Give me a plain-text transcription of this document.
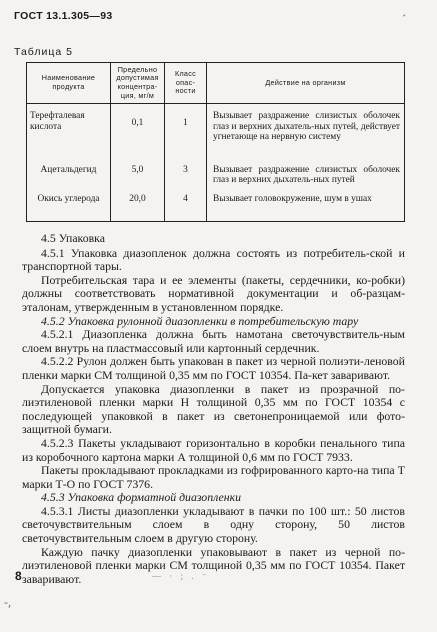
ГОСТ 13.1.305—93	ˊ
Таблица 5
Наименование продукта	Предельно допустимая концентра-ция, мг/м	Класс опас-ности	Действие на организм
Терефталевая кислота	0,1	1	Вызывает раздражение слизистых оболочек глаз и верхних дыхатель-ных путей, действует угнетающе на нервную систему
Ацетальдегид	5,0	3	Вызывает раздражение слизистых оболочек глаз и верхних дыхатель-ных путей
Окись углерода	20,0	4	Вызывает головокружение, шум в ушах

4.5 Упаковка

4.5.1 Упаковка диазопленок должна состоять из потребитель-ской и транспортной тары.

Потребительская тара и ее элементы (пакеты, сердечники, ко-робки) должны соответствовать нормативной документации и об-разцам-эталонам, утвержденным в установленном порядке.

4.5.2 Упаковка рулонной диазопленки в потребительскую тару

4.5.2.1 Диазопленка должна быть намотана светочувствитель-ным слоем внутрь на пластмассовый или картонный сердечник.

4.5.2.2 Рулон должен быть упакован в пакет из черной полиэти-леновой пленки марки СМ толщиной 0,35 мм по ГОСТ 10354. Па-кет заваривают.

Допускается упаковка диазопленки в пакет из прозрачной по-лиэтиленовой пленки марки Н толщиной 0,35 мм по ГОСТ 10354 с последующей упаковкой в пакет из светонепроницаемой или фото-защитной бумаги.

4.5.2.3 Пакеты укладывают горизонтально в коробки пенального типа из коробочного картона марки А толщиной 0,6 мм по ГОСТ 7933.

Пакеты прокладывают прокладками из гофрированного карто-на типа Т марки Т-О по ГОСТ 7376.

4.5.3 Упаковка форматной диазопленки

4.5.3.1 Листы диазопленки укладывают в пачки по 100 шт.: 50 листов светочувствительным слоем в одну сторону, 50 листов светочувствительным слоем в другую сторону.

Каждую пачку диазопленки упаковывают в пакет из черной по-лиэтиленовой пленки марки СМ толщиной 0,35 мм по ГОСТ 10354. Пакет заваривают.

8	— · ; . ⁻
-,
